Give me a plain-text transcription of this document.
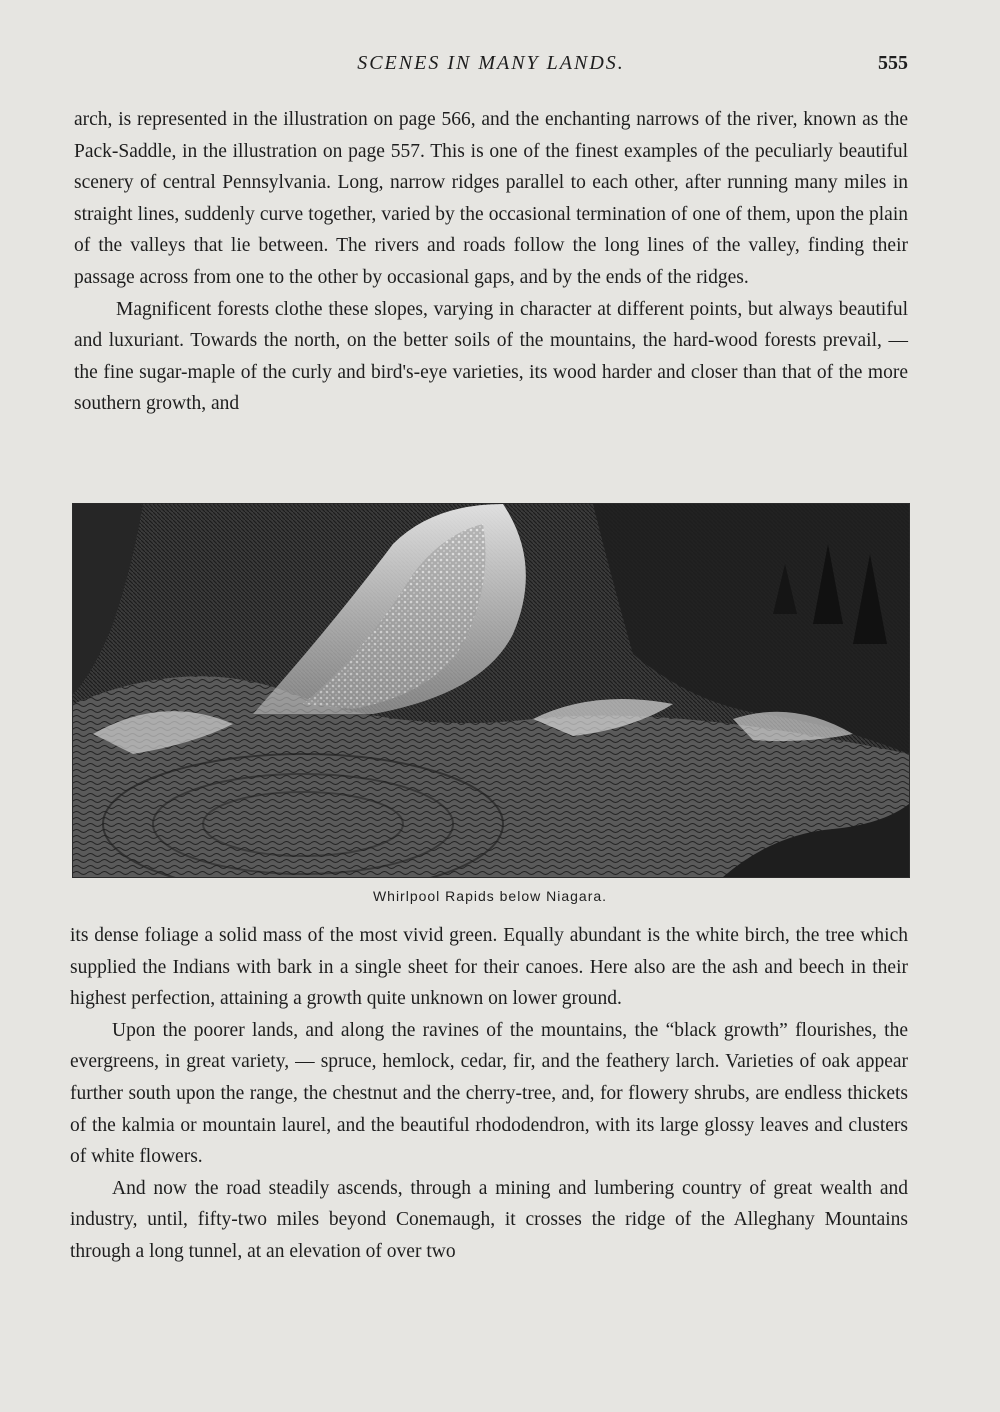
SCENES IN MANY LANDS.	555

arch, is represented in the illustration on page 566, and the enchanting narrows of the river, known as the Pack-Saddle, in the illustration on page 557. This is one of the finest examples of the peculiarly beautiful scenery of central Pennsylvania. Long, narrow ridges parallel to each other, after running many miles in straight lines, suddenly curve together, varied by the occasional termination of one of them, upon the plain of the valleys that lie between. The rivers and roads follow the long lines of the valley, finding their passage across from one to the other by occasional gaps, and by the ends of the ridges.

Magnificent forests clothe these slopes, varying in character at different points, but always beautiful and luxuriant. Towards the north, on the better soils of the mountains, the hard-wood forests prevail, — the fine sugar-maple of the curly and bird's-eye varieties, its wood harder and closer than that of the more southern growth, and

Whirlpool Rapids below Niagara.

its dense foliage a solid mass of the most vivid green. Equally abundant is the white birch, the tree which supplied the Indians with bark in a single sheet for their canoes. Here also are the ash and beech in their highest perfection, attaining a growth quite unknown on lower ground.

Upon the poorer lands, and along the ravines of the mountains, the “black growth” flourishes, the evergreens, in great variety, — spruce, hemlock, cedar, fir, and the feathery larch. Varieties of oak appear further south upon the range, the chestnut and the cherry-tree, and, for flowery shrubs, are endless thickets of the kalmia or mountain laurel, and the beautiful rhododendron, with its large glossy leaves and clusters of white flowers.

And now the road steadily ascends, through a mining and lumbering country of great wealth and industry, until, fifty-two miles beyond Conemaugh, it crosses the ridge of the Alleghany Mountains through a long tunnel, at an elevation of over two
